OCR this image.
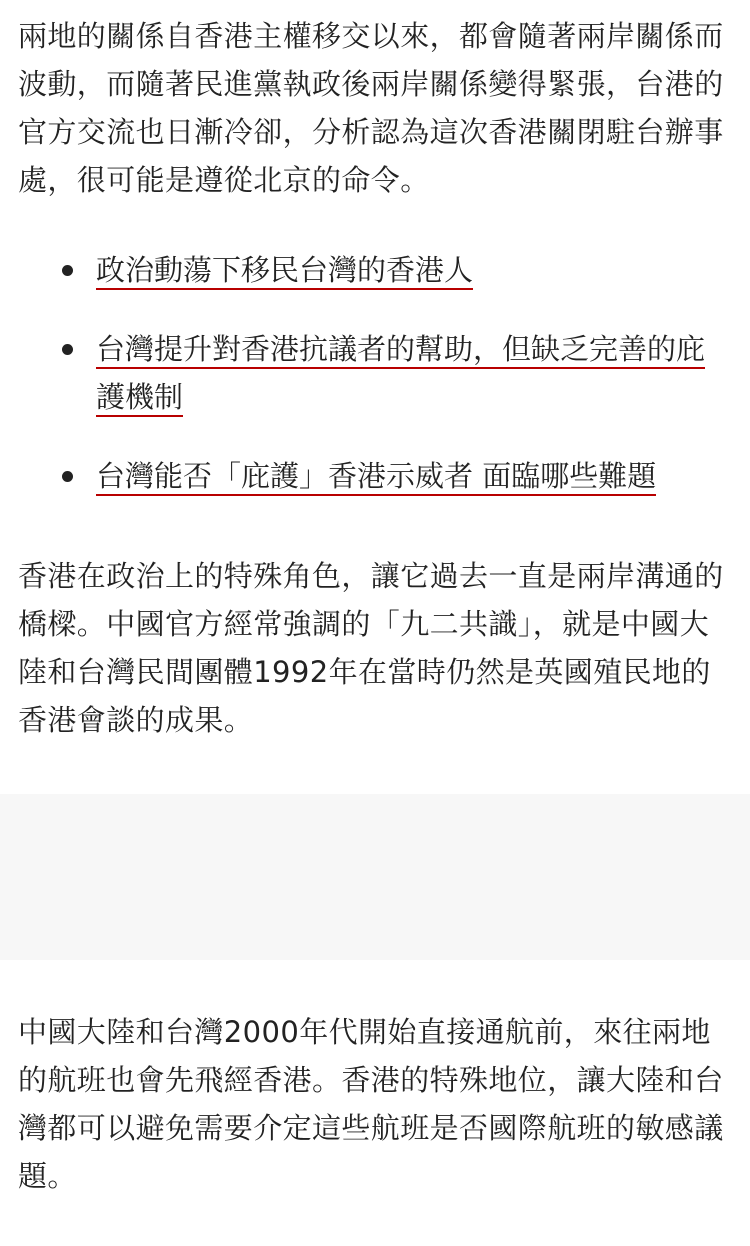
兩地的關係自香港主權移交以來，都會隨著兩岸關係而波動，而隨著民進黨執政後兩岸關係變得緊張，台港的官方交流也日漸冷卻，分析認為這次香港關閉駐台辦事處，很可能是遵從北京的命令。

政治動蕩下移民台灣的香港人
台灣提升對香港抗議者的幫助，但缺乏完善的庇護機制
台灣能否「庇護」香港示威者 面臨哪些難題

香港在政治上的特殊角色，讓它過去一直是兩岸溝通的橋樑。中國官方經常強調的「九二共識」，就是中國大陸和台灣民間團體1992年在當時仍然是英國殖民地的香港會談的成果。

中國大陸和台灣2000年代開始直接通航前，來往兩地的航班也會先飛經香港。香港的特殊地位，讓大陸和台灣都可以避免需要介定這些航班是否國際航班的敏感議題。
